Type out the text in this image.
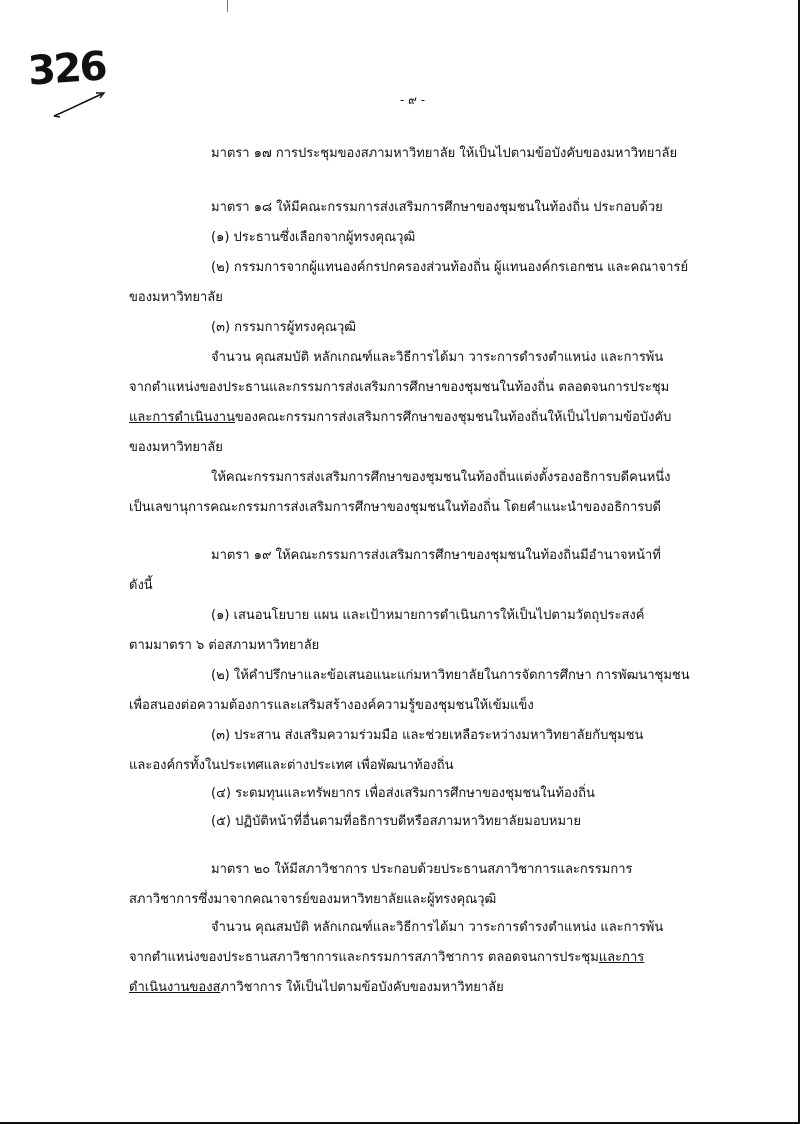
326
- ๙ -
มาตรา ๑๗ การประชุมของสภามหาวิทยาลัย ให้เป็นไปตามข้อบังคับของมหาวิทยาลัย
มาตรา ๑๘ ให้มีคณะกรรมการส่งเสริมการศึกษาของชุมชนในท้องถิ่น ประกอบด้วย
(๑) ประธานซึ่งเลือกจากผู้ทรงคุณวุฒิ
(๒) กรรมการจากผู้แทนองค์กรปกครองส่วนท้องถิ่น ผู้แทนองค์กรเอกชน และคณาจารย์
ของมหาวิทยาลัย
(๓) กรรมการผู้ทรงคุณวุฒิ
จำนวน คุณสมบัติ หลักเกณฑ์และวิธีการได้มา วาระการดำรงตำแหน่ง และการพ้น
จากตำแหน่งของประธานและกรรมการส่งเสริมการศึกษาของชุมชนในท้องถิ่น ตลอดจนการประชุม
และการดำเนินงานของคณะกรรมการส่งเสริมการศึกษาของชุมชนในท้องถิ่นให้เป็นไปตามข้อบังคับ
ของมหาวิทยาลัย
ให้คณะกรรมการส่งเสริมการศึกษาของชุมชนในท้องถิ่นแต่งตั้งรองอธิการบดีคนหนึ่ง
เป็นเลขานุการคณะกรรมการส่งเสริมการศึกษาของชุมชนในท้องถิ่น โดยคำแนะนำของอธิการบดี
มาตรา ๑๙ ให้คณะกรรมการส่งเสริมการศึกษาของชุมชนในท้องถิ่นมีอำนาจหน้าที่
ดังนี้
(๑) เสนอนโยบาย แผน และเป้าหมายการดำเนินการให้เป็นไปตามวัตถุประสงค์
ตามมาตรา ๖ ต่อสภามหาวิทยาลัย
(๒) ให้คำปรึกษาและข้อเสนอแนะแก่มหาวิทยาลัยในการจัดการศึกษา การพัฒนาชุมชน
เพื่อสนองต่อความต้องการและเสริมสร้างองค์ความรู้ของชุมชนให้เข้มแข็ง
(๓) ประสาน ส่งเสริมความร่วมมือ และช่วยเหลือระหว่างมหาวิทยาลัยกับชุมชน
และองค์กรทั้งในประเทศและต่างประเทศ เพื่อพัฒนาท้องถิ่น
(๔) ระดมทุนและทรัพยากร เพื่อส่งเสริมการศึกษาของชุมชนในท้องถิ่น
(๕) ปฏิบัติหน้าที่อื่นตามที่อธิการบดีหรือสภามหาวิทยาลัยมอบหมาย
มาตรา ๒๐ ให้มีสภาวิชาการ ประกอบด้วยประธานสภาวิชาการและกรรมการ
สภาวิชาการซึ่งมาจากคณาจารย์ของมหาวิทยาลัยและผู้ทรงคุณวุฒิ
จำนวน คุณสมบัติ หลักเกณฑ์และวิธีการได้มา วาระการดำรงตำแหน่ง และการพ้น
จากตำแหน่งของประธานสภาวิชาการและกรรมการสภาวิชาการ ตลอดจนการประชุมและการ
ดำเนินงานของสภาวิชาการ ให้เป็นไปตามข้อบังคับของมหาวิทยาลัย
